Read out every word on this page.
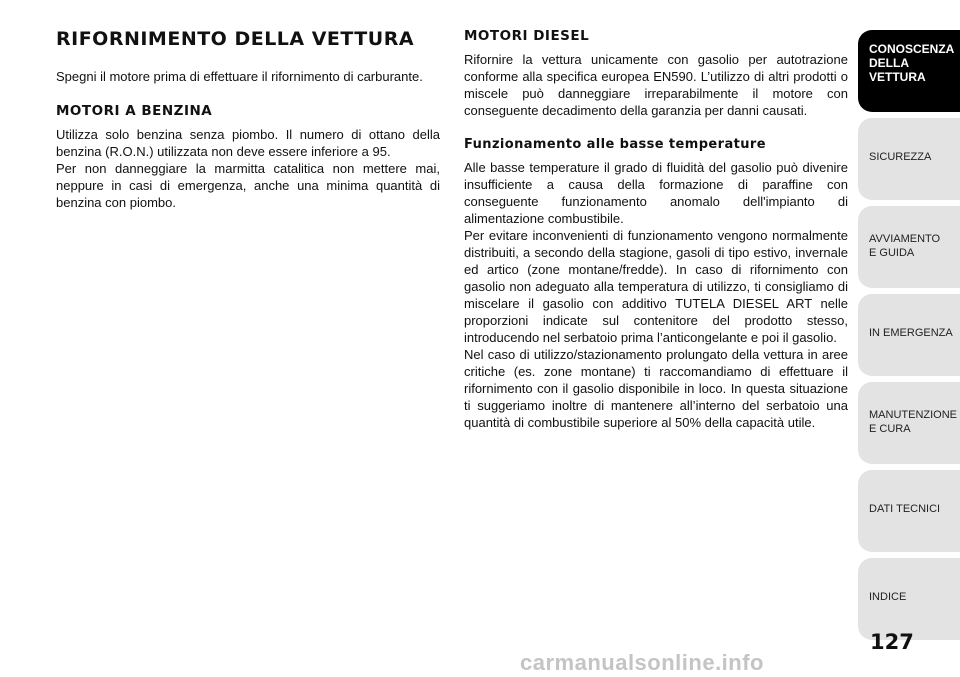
RIFORNIMENTO DELLA VETTURA

Spegni il motore prima di effettuare il rifornimento di carburante.

MOTORI A BENZINA

Utilizza solo benzina senza piombo. Il numero di ottano della benzina (R.O.N.) utilizzata non deve essere inferiore a 95.

Per non danneggiare la marmitta catalitica non mettere mai, neppure in casi di emergenza, anche una minima quantità di benzina con piombo.

MOTORI DIESEL

Rifornire la vettura unicamente con gasolio per autotrazione conforme alla specifica europea EN590. L’utilizzo di altri prodotti o miscele può danneggiare irreparabilmente il motore con conseguente decadimento della garanzia per danni causati.

Funzionamento alle basse temperature

Alle basse temperature il grado di fluidità del gasolio può divenire insufficiente a causa della formazione di paraffine con conseguente funzionamento anomalo dell'impianto di alimentazione combustibile.

Per evitare inconvenienti di funzionamento vengono normalmente distribuiti, a secondo della stagione, gasoli di tipo estivo, invernale ed artico (zone montane/fredde). In caso di rifornimento con gasolio non adeguato alla temperatura di utilizzo, ti consigliamo di miscelare il gasolio con additivo TUTELA DIESEL ART nelle proporzioni indicate sul contenitore del prodotto stesso, introducendo nel serbatoio prima l’anticongelante e poi il gasolio.

Nel caso di utilizzo/stazionamento prolungato della vettura in aree critiche (es. zone montane) ti raccomandiamo di effettuare il rifornimento con il gasolio disponibile in loco. In questa situazione ti suggeriamo inoltre di mantenere all’interno del serbatoio una quantità di combustibile superiore al 50% della capacità utile.

CONOSCENZA
DELLA
VETTURA
SICUREZZA
AVVIAMENTO
E GUIDA
IN EMERGENZA
MANUTENZIONE
E CURA
DATI TECNICI
INDICE
127
carmanualsonline.info
